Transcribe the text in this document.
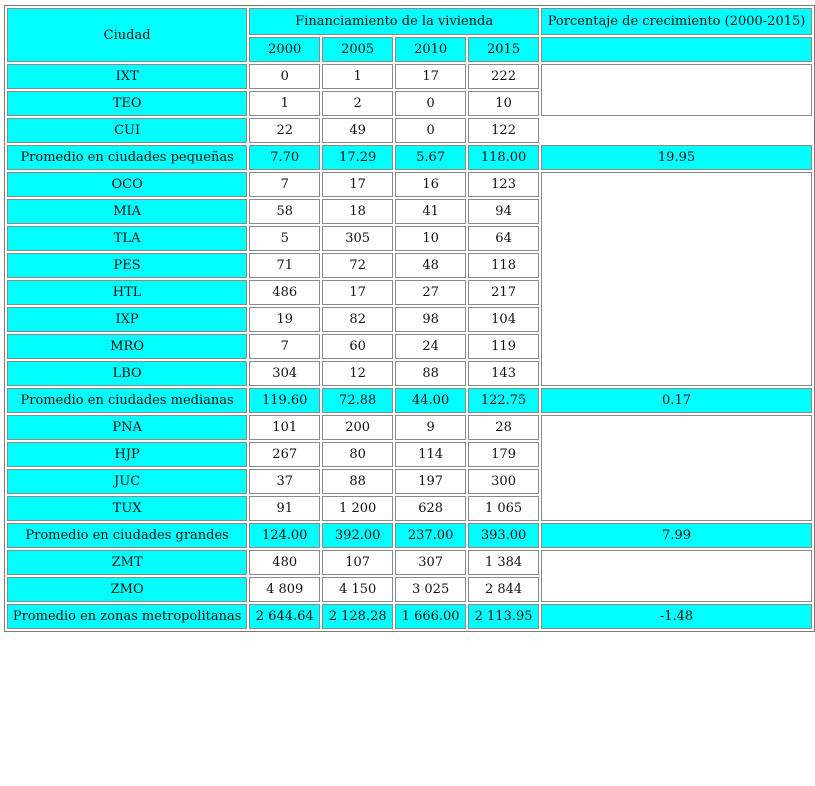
Ciudad	Financiamiento de la vivienda				Porcentaje de crecimiento (2000-2015)
	2000	2005	2010	2015	
IXT	0	1	17	222	
TEO	1	2	0	10	
CUI	22	49	0	122	
Promedio en ciudades pequeñas	7.70	17.29	5.67	118.00	19.95
OCO	7	17	16	123	
MIA	58	18	41	94	
TLA	5	305	10	64	
PES	71	72	48	118	
HTL	486	17	27	217	
IXP	19	82	98	104	
MRO	7	60	24	119	
LBO	304	12	88	143	
Promedio en ciudades medianas	119.60	72.88	44.00	122.75	0.17
PNA	101	200	9	28	
HJP	267	80	114	179	
JUC	37	88	197	300	
TUX	91	1 200	628	1 065	
Promedio en ciudades grandes	124.00	392.00	237.00	393.00	7.99
ZMT	480	107	307	1 384	
ZMO	4 809	4 150	3 025	2 844	
Promedio en zonas metropolitanas	2 644.64	2 128.28	1 666.00	2 113.95	-1.48
